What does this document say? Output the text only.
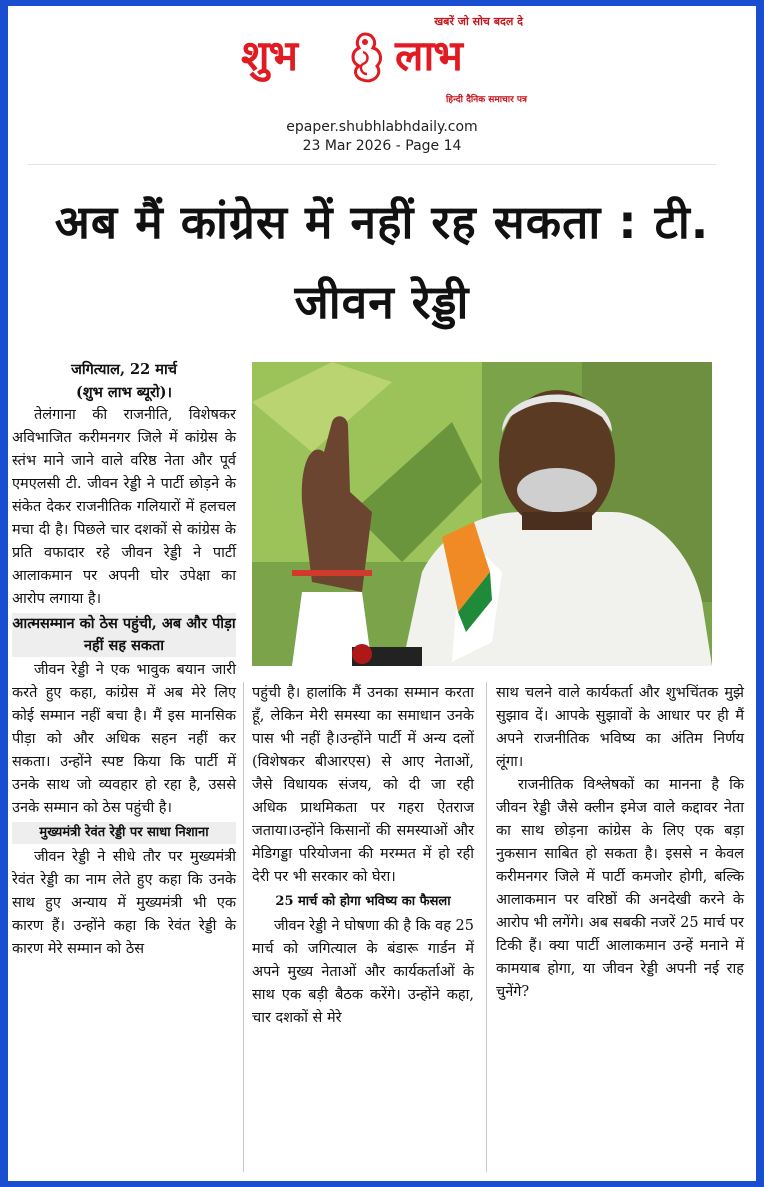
खबरें जो सोच बदल दे
शुभ लाभ
हिन्दी दैनिक समाचार पत्र
epaper.shubhlabhdaily.com
23 Mar 2026 - Page 14
अब मैं कांग्रेस में नहीं रह सकता : टी. जीवन रेड्डी

जगित्याल, 22 मार्च

(शुभ लाभ ब्यूरो)।

तेलंगाना की राजनीति, विशेषकर अविभाजित करीमनगर जिले में कांग्रेस के स्तंभ माने जाने वाले वरिष्ठ नेता और पूर्व एमएलसी टी. जीवन रेड्डी ने पार्टी छोड़ने के संकेत देकर राजनीतिक गलियारों में हलचल मचा दी है। पिछले चार दशकों से कांग्रेस के प्रति वफादार रहे जीवन रेड्डी ने पार्टी आलाकमान पर अपनी घोर उपेक्षा का आरोप लगाया है।

आत्मसम्मान को ठेस पहुंची, अब और पीड़ा नहीं सह सकता

जीवन रेड्डी ने एक भावुक बयान जारी करते हुए कहा, कांग्रेस में अब मेरे लिए कोई सम्मान नहीं बचा है। मैं इस मानसिक पीड़ा को और अधिक सहन नहीं कर सकता। उन्होंने स्पष्ट किया कि पार्टी में उनके साथ जो व्यवहार हो रहा है, उससे उनके सम्मान को ठेस पहुंची है।

मुख्यमंत्री रेवंत रेड्डी पर साधा निशाना

जीवन रेड्डी ने सीधे तौर पर मुख्यमंत्री रेवंत रेड्डी का नाम लेते हुए कहा कि उनके साथ हुए अन्याय में मुख्यमंत्री भी एक कारण हैं। उन्होंने कहा कि रेवंत रेड्डी के कारण मेरे सम्मान को ठेस

पहुंची है। हालांकि मैं उनका सम्मान करता हूँ, लेकिन मेरी समस्या का समाधान उनके पास भी नहीं है।उन्होंने पार्टी में अन्य दलों (विशेषकर बीआरएस) से आए नेताओं, जैसे विधायक संजय, को दी जा रही अधिक प्राथमिकता पर गहरा ऐतराज जताया।उन्होंने किसानों की समस्याओं और मेडिगड्डा परियोजना की मरम्मत में हो रही देरी पर भी सरकार को घेरा।

25 मार्च को होगा भविष्य का फैसला

जीवन रेड्डी ने घोषणा की है कि वह 25 मार्च को जगित्याल के बंडारू गार्डन में अपने मुख्य नेताओं और कार्यकर्ताओं के साथ एक बड़ी बैठक करेंगे। उन्होंने कहा, चार दशकों से मेरे

साथ चलने वाले कार्यकर्ता और शुभचिंतक मुझे सुझाव दें। आपके सुझावों के आधार पर ही मैं अपने राजनीतिक भविष्य का अंतिम निर्णय लूंगा।

राजनीतिक विश्लेषकों का मानना है कि जीवन रेड्डी जैसे क्लीन इमेज वाले कद्दावर नेता का साथ छोड़ना कांग्रेस के लिए एक बड़ा नुकसान साबित हो सकता है। इससे न केवल करीमनगर जिले में पार्टी कमजोर होगी, बल्कि आलाकमान पर वरिष्ठों की अनदेखी करने के आरोप भी लगेंगे। अब सबकी नजरें 25 मार्च पर टिकी हैं। क्या पार्टी आलाकमान उन्हें मनाने में कामयाब होगा, या जीवन रेड्डी अपनी नई राह चुनेंगे?
